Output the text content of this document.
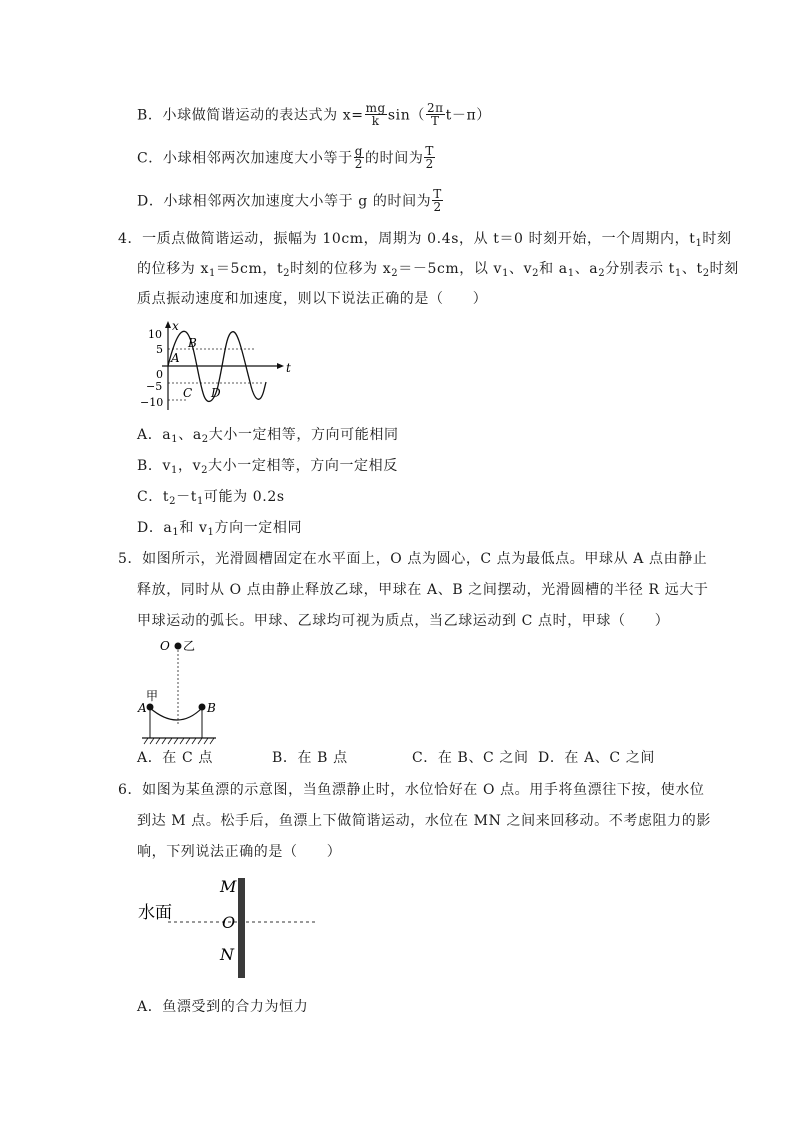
B．小球做简谐运动的表达式为 $x= \frac{mg}{k} \sin( \frac{2\pi}{T} t-\pi)$
C．小球相邻两次加速度大小等于 $\frac{g}{2}$ 的时间为 $\frac{T}{2}$
D．小球相邻两次加速度大小等于 g 的时间为 $\frac{T}{2}$
4．一质点做简谐运动，振幅为 10cm，周期为 0.4s，从 t＝0 时刻开始，一个周期内，$t_1$时刻
的位移为 $x_1=5cm$，$t_2$时刻的位移为 $x_2=-5cm$，以 $v_1$、$v_2$和 $a_1$、$a_2$分别表示 $t_1$、$t_2$时刻
质点振动速度和加速度，则以下说法正确的是（　　）
x
t
10
5
0
−5
−10
A
B
C D
A．$a_1$、$a_2$大小一定相等，方向可能相同
B．$v_1$，$v_2$大小一定相等，方向一定相反
C．$t_2-t_1$可能为 0.2s
D．$a_1$和 $v_1$方向一定相同
5．如图所示，光滑圆槽固定在水平面上，O 点为圆心，C 点为最低点。甲球从 A 点由静止
释放，同时从 O 点由静止释放乙球，甲球在 A、B 之间摆动，光滑圆槽的半径 R 远大于
甲球运动的弧长。甲球、乙球均可视为质点，当乙球运动到 C 点时，甲球（　　）
O 乙
甲
A	B
A．在 C 点	B．在 B 点	C．在 B、C 之间 D．在 A、C 之间
6．如图为某鱼漂的示意图，当鱼漂静止时，水位恰好在 O 点。用手将鱼漂往下按，使水位
到达 M 点。松手后，鱼漂上下做简谐运动，水位在 MN 之间来回移动。不考虑阻力的影
响，下列说法正确的是（　　）
水面
M
O
N
A．鱼漂受到的合力为恒力
